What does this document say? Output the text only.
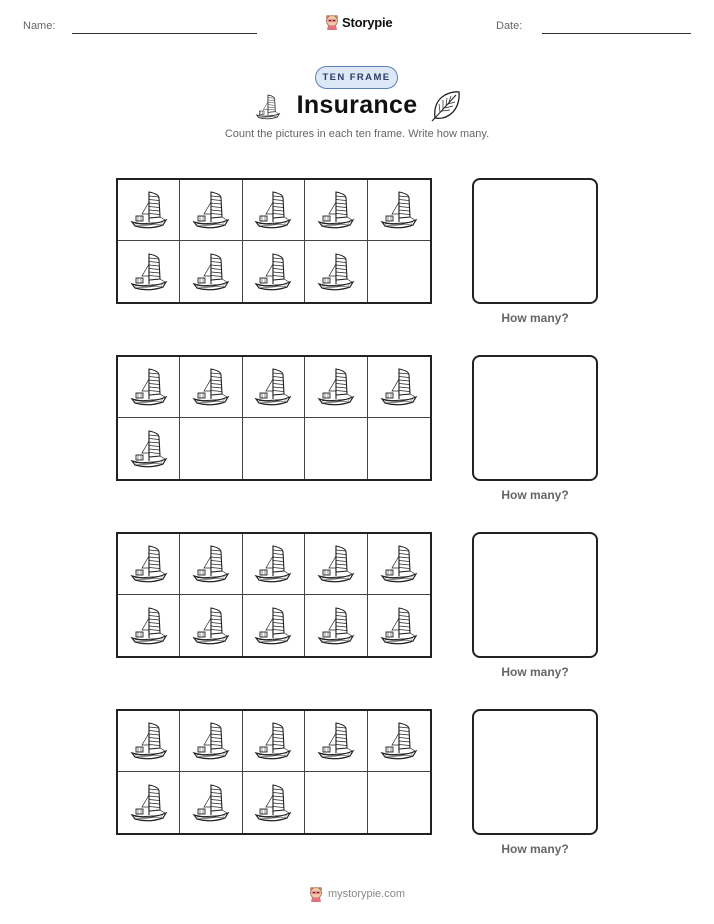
Name:	Storypie	Date:
TEN FRAME
Insurance
Count the pictures in each ten frame. Write how many.
How many?
How many?
How many?
How many?
mystorypie.com
